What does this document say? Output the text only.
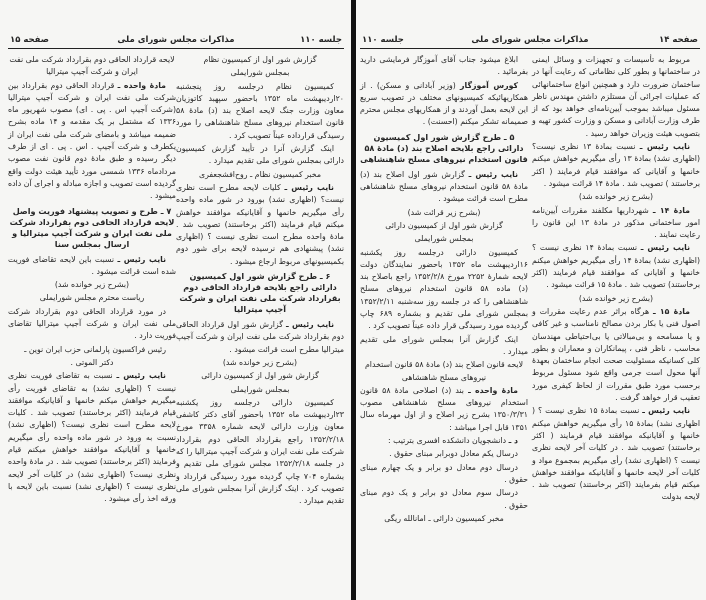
جلسه ۱۱۰
مذاکرات مجلس شورای ملی
صفحه ۱۵

گزارش شور اول از کمیسیون نظام

بمجلس شورایملی

کمیسیون نظام درجلسه روز پنجشنبه ۲۰اردیبهشت ماه ۱۳۵۲ باحضور سپهبد کاتوزیان معاون وزارت جنگ لایحه اصلاح بند (د) مادهٔ ۵۸ قانون استخدام نیروهای مسلح شاهنشاهی را مورد رسیدگی قرارداده عیناً تصویب کرد .

اینک گزارش آنرا در تأیید گزارش کمیسیون دارائی بمجلس شورای ملی تقدیم میدارد .

مخبر کمیسیون نظام ـ روح‌افشجعفری

نایب رئیس ـ کلیات لایحه مطرح است نظری نیست؟ (اظهاری نشد) بورود در شور ماده واحده رأی میگیریم خانمها و آقایانیکه موافقند خواهش میکنم قیام فرمایند (اکثر برخاستند) تصویب شد . مادهٔ واحده مطرح است نظری نیست ؟ (اظهاری نشد) پیشنهادی هم نرسیده لایحه برای شور دوم بکمیسیونهای مربوط ارجاع میشود .

۶ ـ طرح گزارش شور اول کمیسیون دارائی راجع بلایحه قرارداد الحاقی دوم بقرارداد شرکت ملی نفت ایران و شرکت آجیپ میترالیا

نایب رئیس ـ گزارش شور اول قرارداد الحاقی دوم بقرارداد شرکت ملی نفت ایران و شرکت آجیپ میترالیا مطرح است قرائت میشود .

(بشرح زیر خوانده شد)

گزارش شور اول از کمیسیون دارائی

بمجلس شورایملی

کمیسیون دارائی درجلسه روز یکشنبه ۲۳اردیبهشت ماه ۱۳۵۲ باحضور آقای دکتر کاشفی معاون وزارت دارائی لایحه شماره ۳۳۵۸ مورخ ۱۳۵۲/۲/۱۸ راجع بقرارداد الحاقی دوم بقرارداد شرکت ملی نفت ایران و شرکت آجیپ میترالیا را که در جلسه ۱۳۵۲/۲/۱۸ مجلس شورای ملی تقدیم و بشماره ۷۰۴ چاپ گردیده مورد رسیدگی قرارداد و تصویب کرد . اینک گزارش آنرا بمجلس شورای ملی تقدیم میدارد .

لایحه قرارداد الحاقی دوم بقرارداد شرکت ملی نفت ایران و شرکت آجیپ میترالیا

مادهٔ واحده ـ قرارداد الحاقی دوم بقرارداد بین شرکت ملی نفت ایران و شرکت آجیپ میترالیا (شرکت آجیپ اس . پی . ای) مصوب شهریور ماه ۱۳۳۶ که مشتمل بر یک مقدمه و ۱۴ ماده بشرح ضمیمه میباشد و بامضای شرکت ملی نفت ایران از یکطرف و شرکت آجیپ . اس . پی . ای از طرف دیگر رسیده و طبق مادهٔ دوم قانون نفت مصوب مردادماه ۱۳۳۶ شمسی مورد تأیید هیئت دولت واقع گردیده است تصویب و اجازه مبادله و اجرای آن داده میشود .

۷ ـ طرح و تصویب پیشنهاد فوریت واصل لایحه قرارداد الحاقی دوم بقرارداد شرکت ملی نفت ایران و شرکت آجیپ میترالیا و ارسال بمجلس سنا

نایب رئیس ـ نسبت باین لایحه تقاضای فوریت شده است قرائت میشود .

(بشرح زیر خوانده شد)

ریاست محترم مجلس شورایملی

در مورد قرارداد الحاقی دوم بقرارداد شرکت ملی نفت ایران و شرکت آجیپ میترالیا تقاضای فوریت دارد .

رئیس فراکسیون پارلمانی حزب ایران نوین ـ

دکتر الموتی .

نایب رئیس ـ نسبت به تقاضای فوریت نظری نیست ؟ (اظهاری نشد) به تقاضای فوریت رأی میگیریم خواهش میکنم خانمها و آقایانیکه موافقند قیام فرمایند (اکثر برخاستند) تصویب شد . کلیات لایحه مطرح است نظری نیست؟ (اظهاری نشد) نسبت به ورود در شور ماده واحده رأی میگیریم خانمها و آقایانیکه موافقند خواهش میکنم قیام فرمایند (اکثر برخاستند) تصویب شد . در مادهٔ واحده نظری نیست؟ (اظهاری نشد) در کلیات آخر لایحه نظری نیست ؟ (اظهاری نشد) نسبت باین لایحه با ورقه اخذ رأی میشود .

صفحه ۱۴
مذاکرات مجلس شورای ملی
جلسه ۱۱۰

مربوط به تأسیسات و تجهیزات و وسائل ایمنی در ساختمانها و بطور کلی نظاماتی که رعایت آنها در ساختمان ضرورت دارد و همچنین انواع ساختمانهائی که عملیات اجرائی آن مستلزم داشتن مهندس ناظر مسئول میباشد بموجب آیین‌نامه‌ای خواهد بود که از طرف وزارت آبادانی و مسکن و وزارت کشور تهیه و بتصویب هیئت وزیران خواهد رسید .

نایب رئیس ـ نسبت بمادهٔ ۱۳ نظری نیست؟ (اظهاری نشد) بمادهٔ ۱۳ رأی میگیریم خواهش میکنم خانمها و آقایانی که موافقند قیام فرمایند ( اکثر برخاستند ) تصویب شد . مادهٔ ۱۴ قرائت میشود .

(بشرح زیر خوانده شد)

مادهٔ ۱۴ ـ شهرداریها مکلفند مقررات آیین‌نامه امور ساختمانی مذکور در مادهٔ ۱۳ این قانون را رعایت نمایند .

نایب رئیس ـ نسبت بمادهٔ ۱۴ نظری نیست ؟ (اظهاری نشد) بمادهٔ ۱۴ رأی میگیریم خواهش میکنم خانمها و آقایانی که موافقند قیام فرمایند (اکثر برخاستند) تصویب شد . مادهٔ ۱۵ قرائت میشود .

(بشرح زیر خوانده شد)

مادهٔ ۱۵ ـ هرگاه براثر عدم رعایت مقررات و اصول فنی یا بکار بردن مصالح نامناسب و غیر کافی و یا مسامحه و بی‌مبالاتی یا بی‌احتیاطی مهندسان محاسب ، ناظر فنی ، پیمانکاران و معماران و بطور کلی کسانیکه مسئولیت صحت انجام ساختمان بعهدهٔ آنها محول است جرمی واقع شود مسئول مربوط برحسب مورد طبق مقررات از لحاظ کیفری مورد تعقیب قرار خواهد گرفت .

نایب رئیس ـ نسبت بمادهٔ ۱۵ نظری نیست ؟ ( اظهاری نشد) بمادهٔ ۱۵ رأی میگیریم خواهش میکنم خانمها و آقایانیکه موافقند قیام فرمایند ( اکثر برخاستند) تصویب شد . در کلیات آخر لایحه نظری نیست ؟ (اظهاری نشد) رأی میگیریم بمجموع مواد و کلیات آخر لایحه خانمها و آقایانیکه موافقند خواهش میکنم قیام بفرمایند (اکثر برخاستند) تصویب شد . لایحه بدولت

ابلاغ میشود جناب آقای آموزگار فرمایشی دارید بفرمائید .

کورس آموزگار (وزیر آبادانی و مسکن) . از همکاریهائیکه کمیسیونهای مختلف در تصویب سریع این لایحه بعمل آوردند و از همکاریهای مجلس محترم صمیمانه تشکر میکنم (احسنت) .

۵ ـ طرح گزارش شور اول کمیسیون دارائی راجع بلایحه اصلاح بند (د) مادهٔ ۵۸ قانون استخدام نیروهای مسلح شاهنشاهی

نایب رئیس ـ گزارش شور اول اصلاح بند (د) مادهٔ ۵۸ قانون استخدام نیروهای مسلح شاهنشاهی مطرح است قرائت میشود .

(بشرح زیر قرائت شد)

گزارش شور اول از کمیسیون دارائی

بمجلس شورایملی

کمیسیون دارائی درجلسه روز یکشنبه ۱۶اردیبهشت ماه ۱۳۵۲ باحضور نمایندگان دولت لایحه شمارهٔ ۲۲۵۲ مورخ ۱۳۵۲/۲/۸ راجع باصلاح بند (د) ماده ۵۸ قانون استخدام نیروهای مسلح شاهنشاهی را که در جلسه روز سه‌شنبه ۱۳۵۲/۲/۱۱ بمجلس شورای ملی تقدیم و بشماره ۶۸۹ چاپ گردیده مورد رسیدگی قرار داده عیناً تصویب کرد .

اینک گزارش آنرا بمجلس شورای ملی تقدیم میدارد .

لایحه قانون اصلاح بند (د) مادهٔ ۵۸ قانون استخدام نیروهای مسلح شاهنشاهی

مادهٔ واحده ـ بند (د) اصلاحی مادهٔ ۵۸ قانون استخدام نیروهای مسلح شاهنشاهی مصوب ۱۳۵۰/۳/۳۱ بشرح زیر اصلاح و از اول مهرماه سال ۱۳۵۱ قابل اجرا میباشد :

د ـ دانشجویان دانشکده افسری بترتیب :

درسال یکم معادل دوبرابر مبنای حقوق .

درسال دوم معادل دو برابر و یک چهارم مبنای حقوق .

درسال سوم معادل دو برابر و یک دوم مبنای حقوق .

مخبر کمیسیون دارائی ـ امانالله ریگی
